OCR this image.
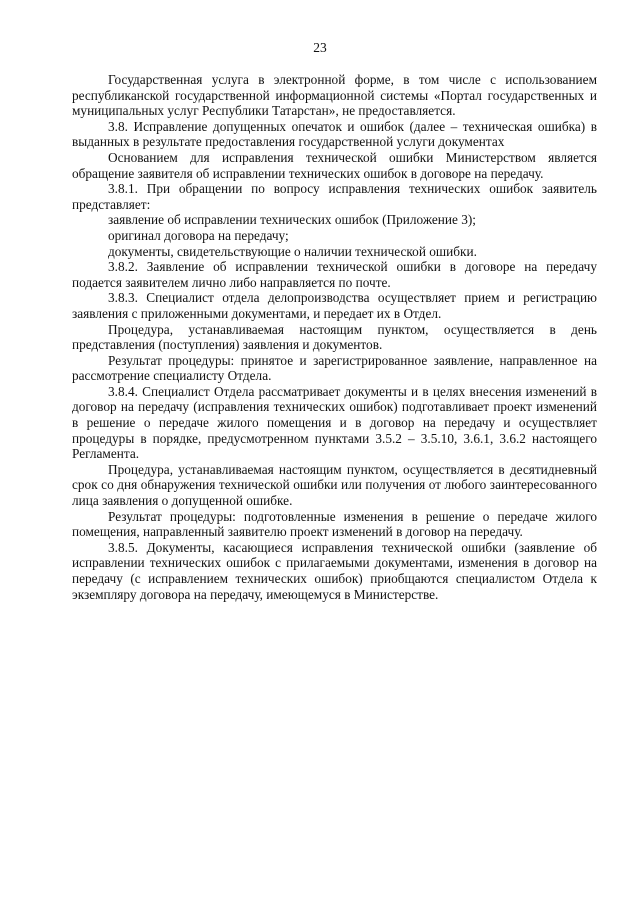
23

Государственная услуга в электронной форме, в том числе с использованием республиканской государственной информационной системы «Портал государственных и муниципальных услуг Республики Татарстан», не предоставляется.

3.8. Исправление допущенных опечаток и ошибок (далее – техническая ошибка) в выданных в результате предоставления государственной услуги документах

Основанием для исправления технической ошибки Министерством является обращение заявителя об исправлении технических ошибок в договоре на передачу.

3.8.1. При обращении по вопросу исправления технических ошибок заявитель представляет:

заявление об исправлении технических ошибок (Приложение 3);

оригинал договора на передачу;

документы, свидетельствующие о наличии технической ошибки.

3.8.2. Заявление об исправлении технической ошибки в договоре на передачу подается заявителем лично либо направляется по почте.

3.8.3. Специалист отдела делопроизводства осуществляет прием и регистрацию заявления с приложенными документами, и передает их в Отдел.

Процедура, устанавливаемая настоящим пунктом, осуществляется в день представления (поступления) заявления и документов.

Результат процедуры: принятое и зарегистрированное заявление, направленное на рассмотрение специалисту Отдела.

3.8.4. Специалист Отдела рассматривает документы и в целях внесения изменений в договор на передачу (исправления технических ошибок) подготавливает проект изменений в решение о передаче жилого помещения и в договор на передачу и осуществляет процедуры в порядке, предусмотренном пунктами 3.5.2 – 3.5.10, 3.6.1, 3.6.2 настоящего Регламента.

Процедура, устанавливаемая настоящим пунктом, осуществляется в десятидневный срок со дня обнаружения технической ошибки или получения от любого заинтересованного лица заявления о допущенной ошибке.

Результат процедуры: подготовленные изменения в решение о передаче жилого помещения, направленный заявителю проект изменений в договор на передачу.

3.8.5. Документы, касающиеся исправления технической ошибки (заявление об исправлении технических ошибок с прилагаемыми документами, изменения в договор на передачу (с исправлением технических ошибок) приобщаются специалистом Отдела к экземпляру договора на передачу, имеющемуся в Министерстве.
